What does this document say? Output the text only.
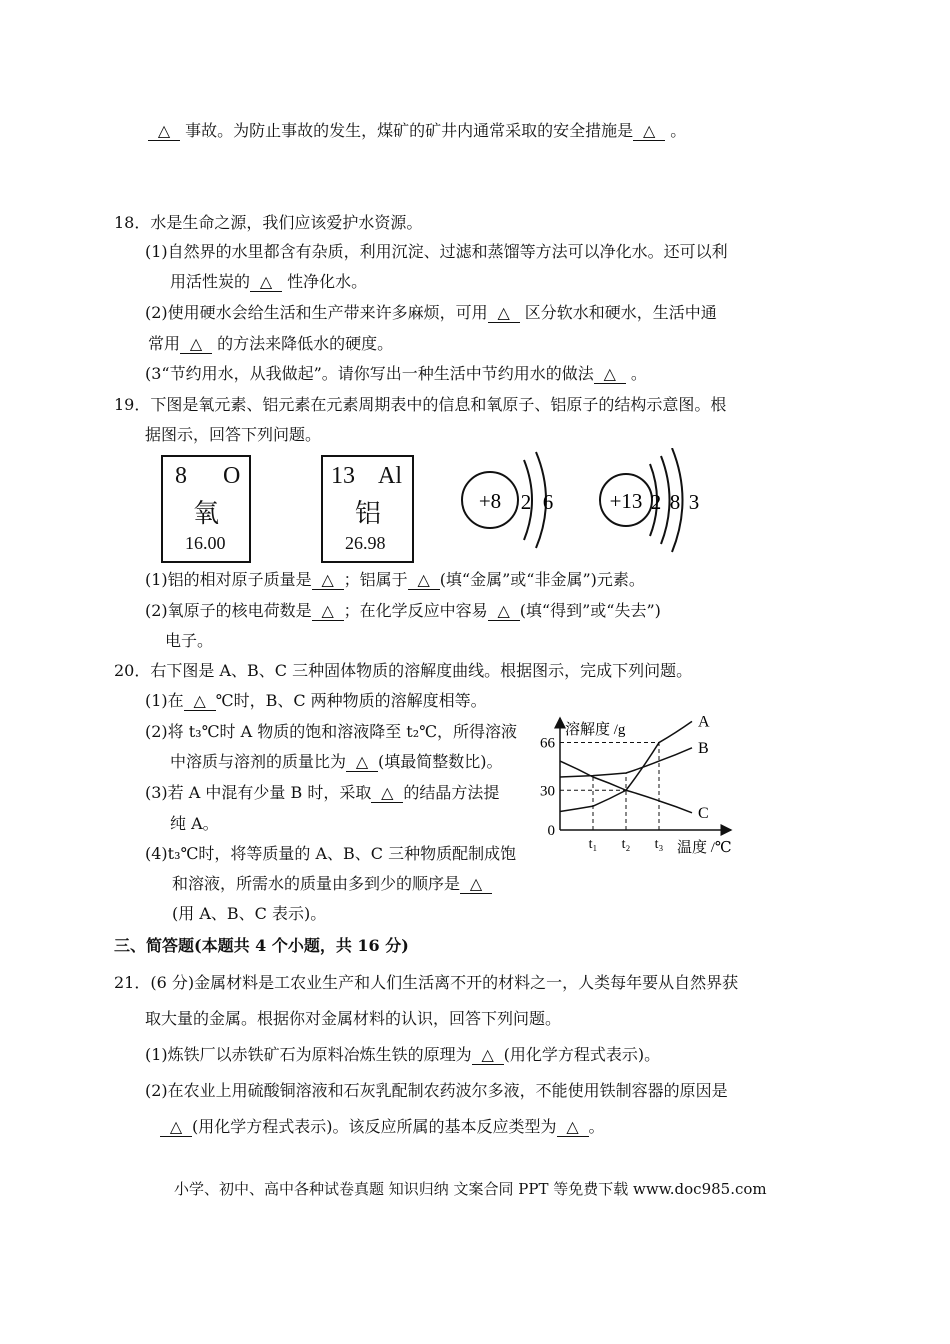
△ 事故。为防止事故的发生，煤矿的矿井内通常采取的安全措施是 △ 。
18．水是生命之源，我们应该爱护水资源。
(1)自然界的水里都含有杂质，利用沉淀、过滤和蒸馏等方法可以净化水。还可以利
用活性炭的 △ 性净化水。
(2)使用硬水会给生活和生产带来许多麻烦，可用 △ 区分软水和硬水，生活中通
常用 △ 的方法来降低水的硬度。
(3“节约用水，从我做起”。请你写出一种生活中节约用水的做法 △ 。
19．下图是氧元素、铝元素在元素周期表中的信息和氧原子、铝原子的结构示意图。根
据图示，回答下列问题。
8 O
氧
16.00
13 Al
铝
26.98
+8 2 6	+13 2 8 3
(1)铝的相对原子质量是 △ ；铝属于 △ (填“金属”或“非金属”)元素。
(2)氧原子的核电荷数是 △ ；在化学反应中容易 △ (填“得到”或“失去”)
电子。
20．右下图是 A、B、C 三种固体物质的溶解度曲线。根据图示，完成下列问题。
(1)在 △ ℃时，B、C 两种物质的溶解度相等。
(2)将 t₃℃时 A 物质的饱和溶液降至 t₂℃，所得溶液
中溶质与溶剂的质量比为 △ (填最简整数比)。
(3)若 A 中混有少量 B 时，采取 △ 的结晶方法提
纯 A。
(4)t₃℃时，将等质量的 A、B、C 三种物质配制成饱
和溶液，所需水的质量由多到少的顺序是 △
(用 A、B、C 表示)。
溶解度 /g
温度 /℃
0
30
66
t₁ t₂ t₃
A
B
C
三、简答题(本题共 4 个小题，共 16 分)
21．(6 分)金属材料是工农业生产和人们生活离不开的材料之一，人类每年要从自然界获
取大量的金属。根据你对金属材料的认识，回答下列问题。
(1)炼铁厂以赤铁矿石为原料冶炼生铁的原理为 △ (用化学方程式表示)。
(2)在农业上用硫酸铜溶液和石灰乳配制农药波尔多液，不能使用铁制容器的原因是
△ (用化学方程式表示)。该反应所属的基本反应类型为 △ 。
小学、初中、高中各种试卷真题 知识归纳 文案合同 PPT 等免费下载 www.doc985.com
